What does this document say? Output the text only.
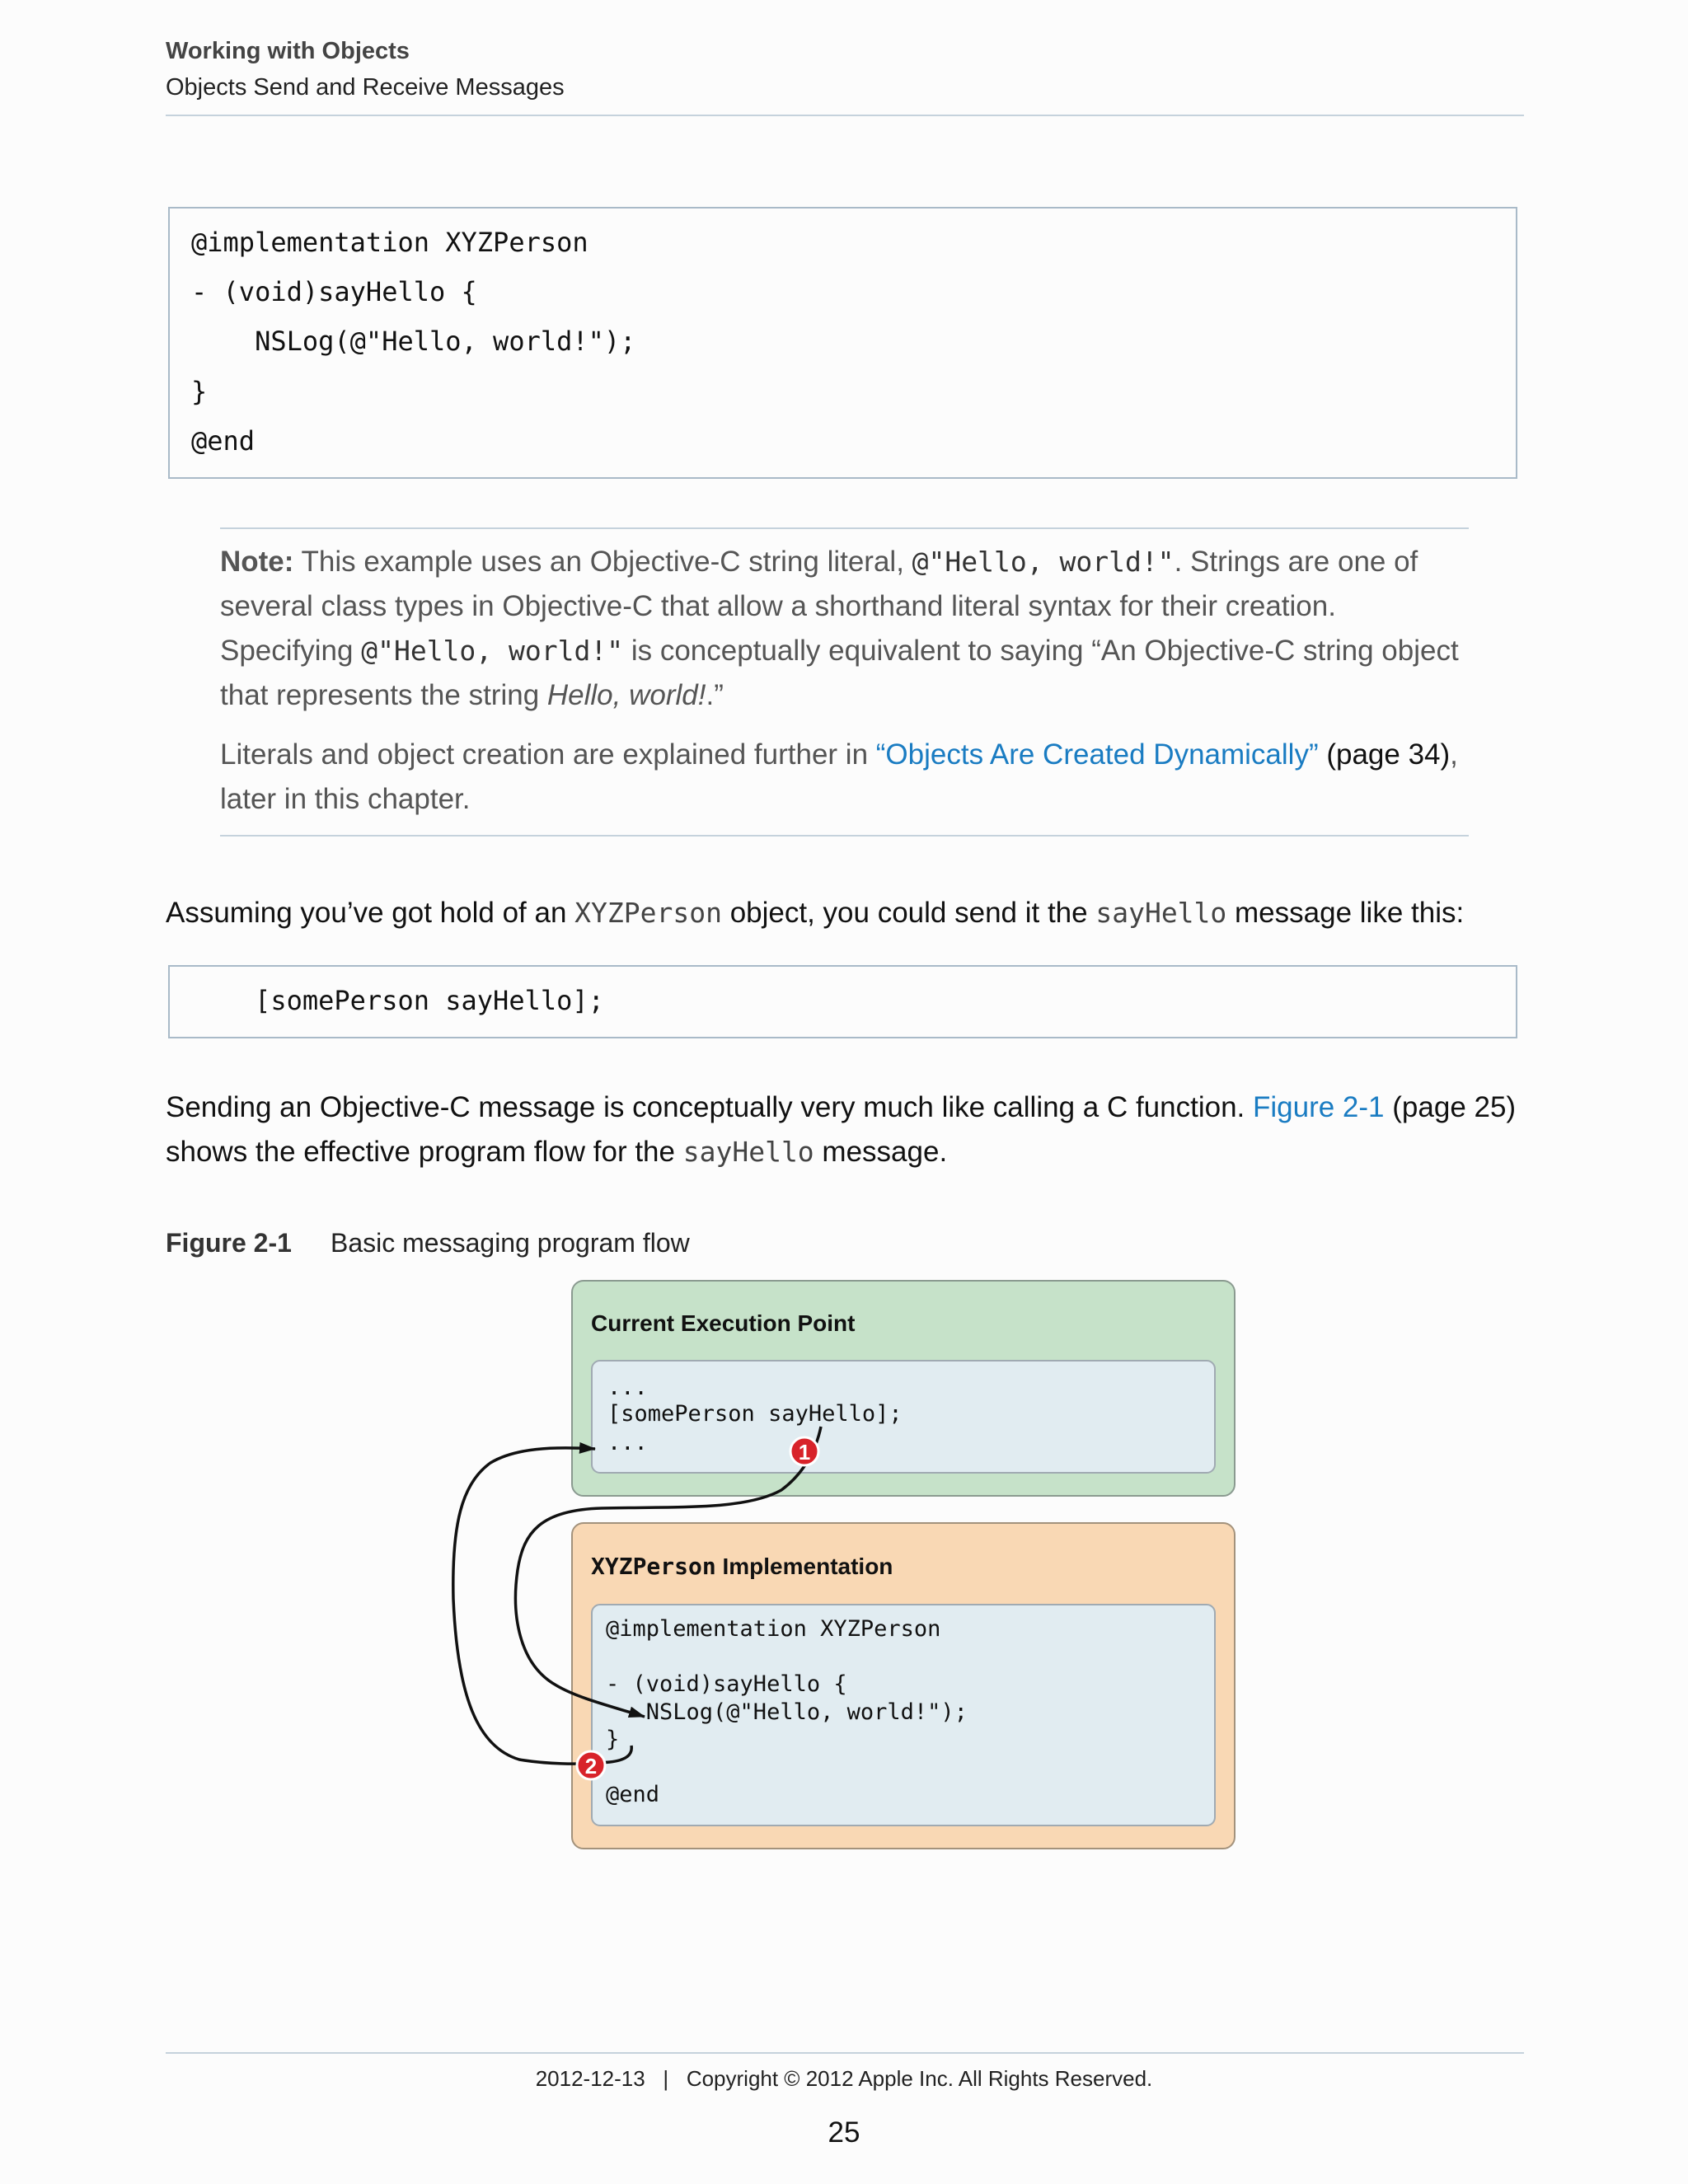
Working with Objects
Objects Send and Receive Messages
@implementation XYZPerson
- (void)sayHello {
NSLog(@"Hello, world!");
}
@end
Note: This example uses an Objective-C string literal, @"Hello, world!". Strings are one of several class types in Objective-C that allow a shorthand literal syntax for their creation. Specifying @"Hello, world!" is conceptually equivalent to saying “An Objective-C string object that represents the string Hello, world!.”
Literals and object creation are explained further in “Objects Are Created Dynamically” (page 34), later in this chapter.
Assuming you’ve got hold of an XYZPerson object, you could send it the sayHello message like this:
[somePerson sayHello];
Sending an Objective-C message is conceptually very much like calling a C function. Figure 2-1 (page 25) shows the effective program flow for the sayHello message.
Figure 2-1 Basic messaging program flow
Current Execution Point
...
[somePerson sayHello];
...
XYZPerson Implementation
@implementation XYZPerson
- (void)sayHello {
NSLog(@"Hello, world!");
}
@end
1
2
2012-12-13 | Copyright © 2012 Apple Inc. All Rights Reserved.
25
